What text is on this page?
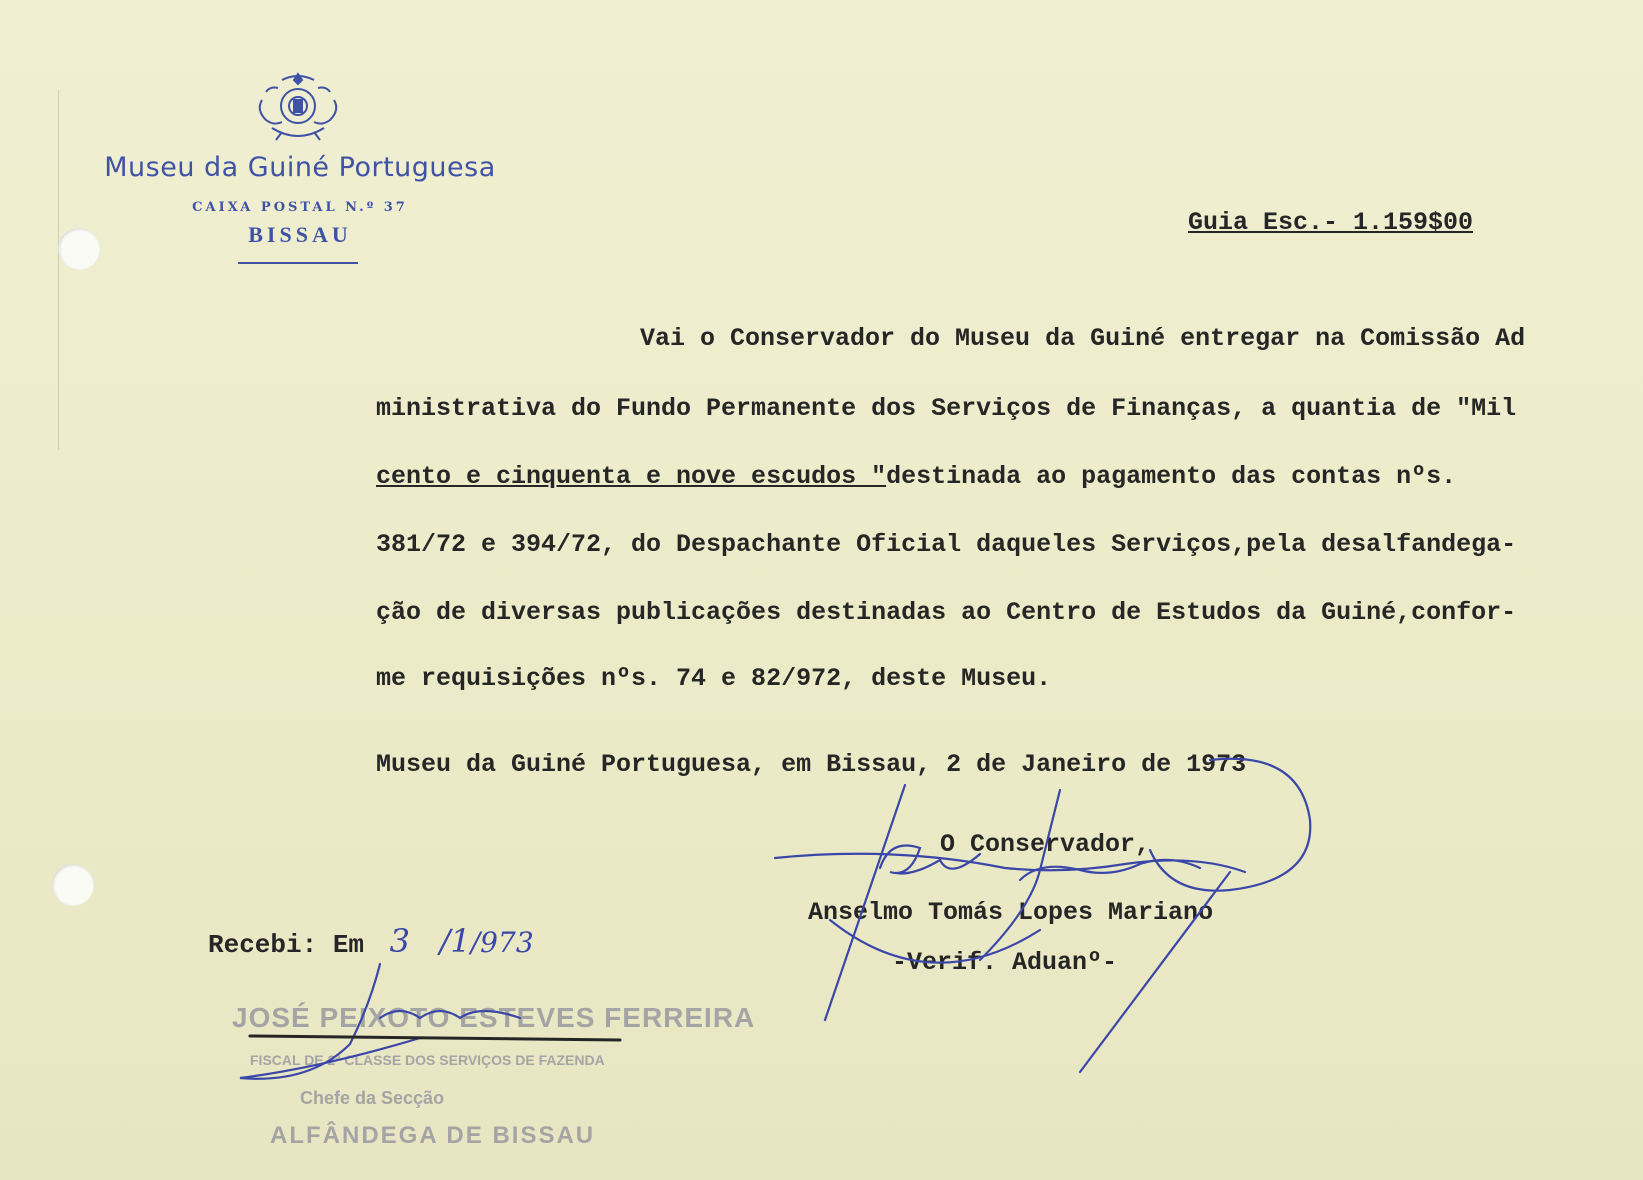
Museu da Guiné Portuguesa
CAIXA POSTAL N.º 37
BISSAU	Guia Esc.- 1.159$00
Vai o Conservador do Museu da Guiné entregar na Comissão Ad
ministrativa do Fundo Permanente dos Serviços de Finanças, a quantia de "Mil
cento e cinquenta e nove escudos "destinada ao pagamento das contas nºs.
381/72 e 394/72, do Despachante Oficial daqueles Serviços,pela desalfandega-
ção de diversas publicações destinadas ao Centro de Estudos da Guiné,confor-
me requisições nºs. 74 e 82/972, deste Museu.
Museu da Guiné Portuguesa, em Bissau, 2 de Janeiro de 1973
O Conservador,
Anselmo Tomás Lopes Mariano
-Verif. Aduanº-
Recebi: Em 3 /1/973
JOSÉ PEIXOTO ESTEVES FERREIRA
FISCAL DE 2ª CLASSE DOS SERVIÇOS DE FAZENDA
Chefe da Secção
ALFÂNDEGA DE BISSAU
